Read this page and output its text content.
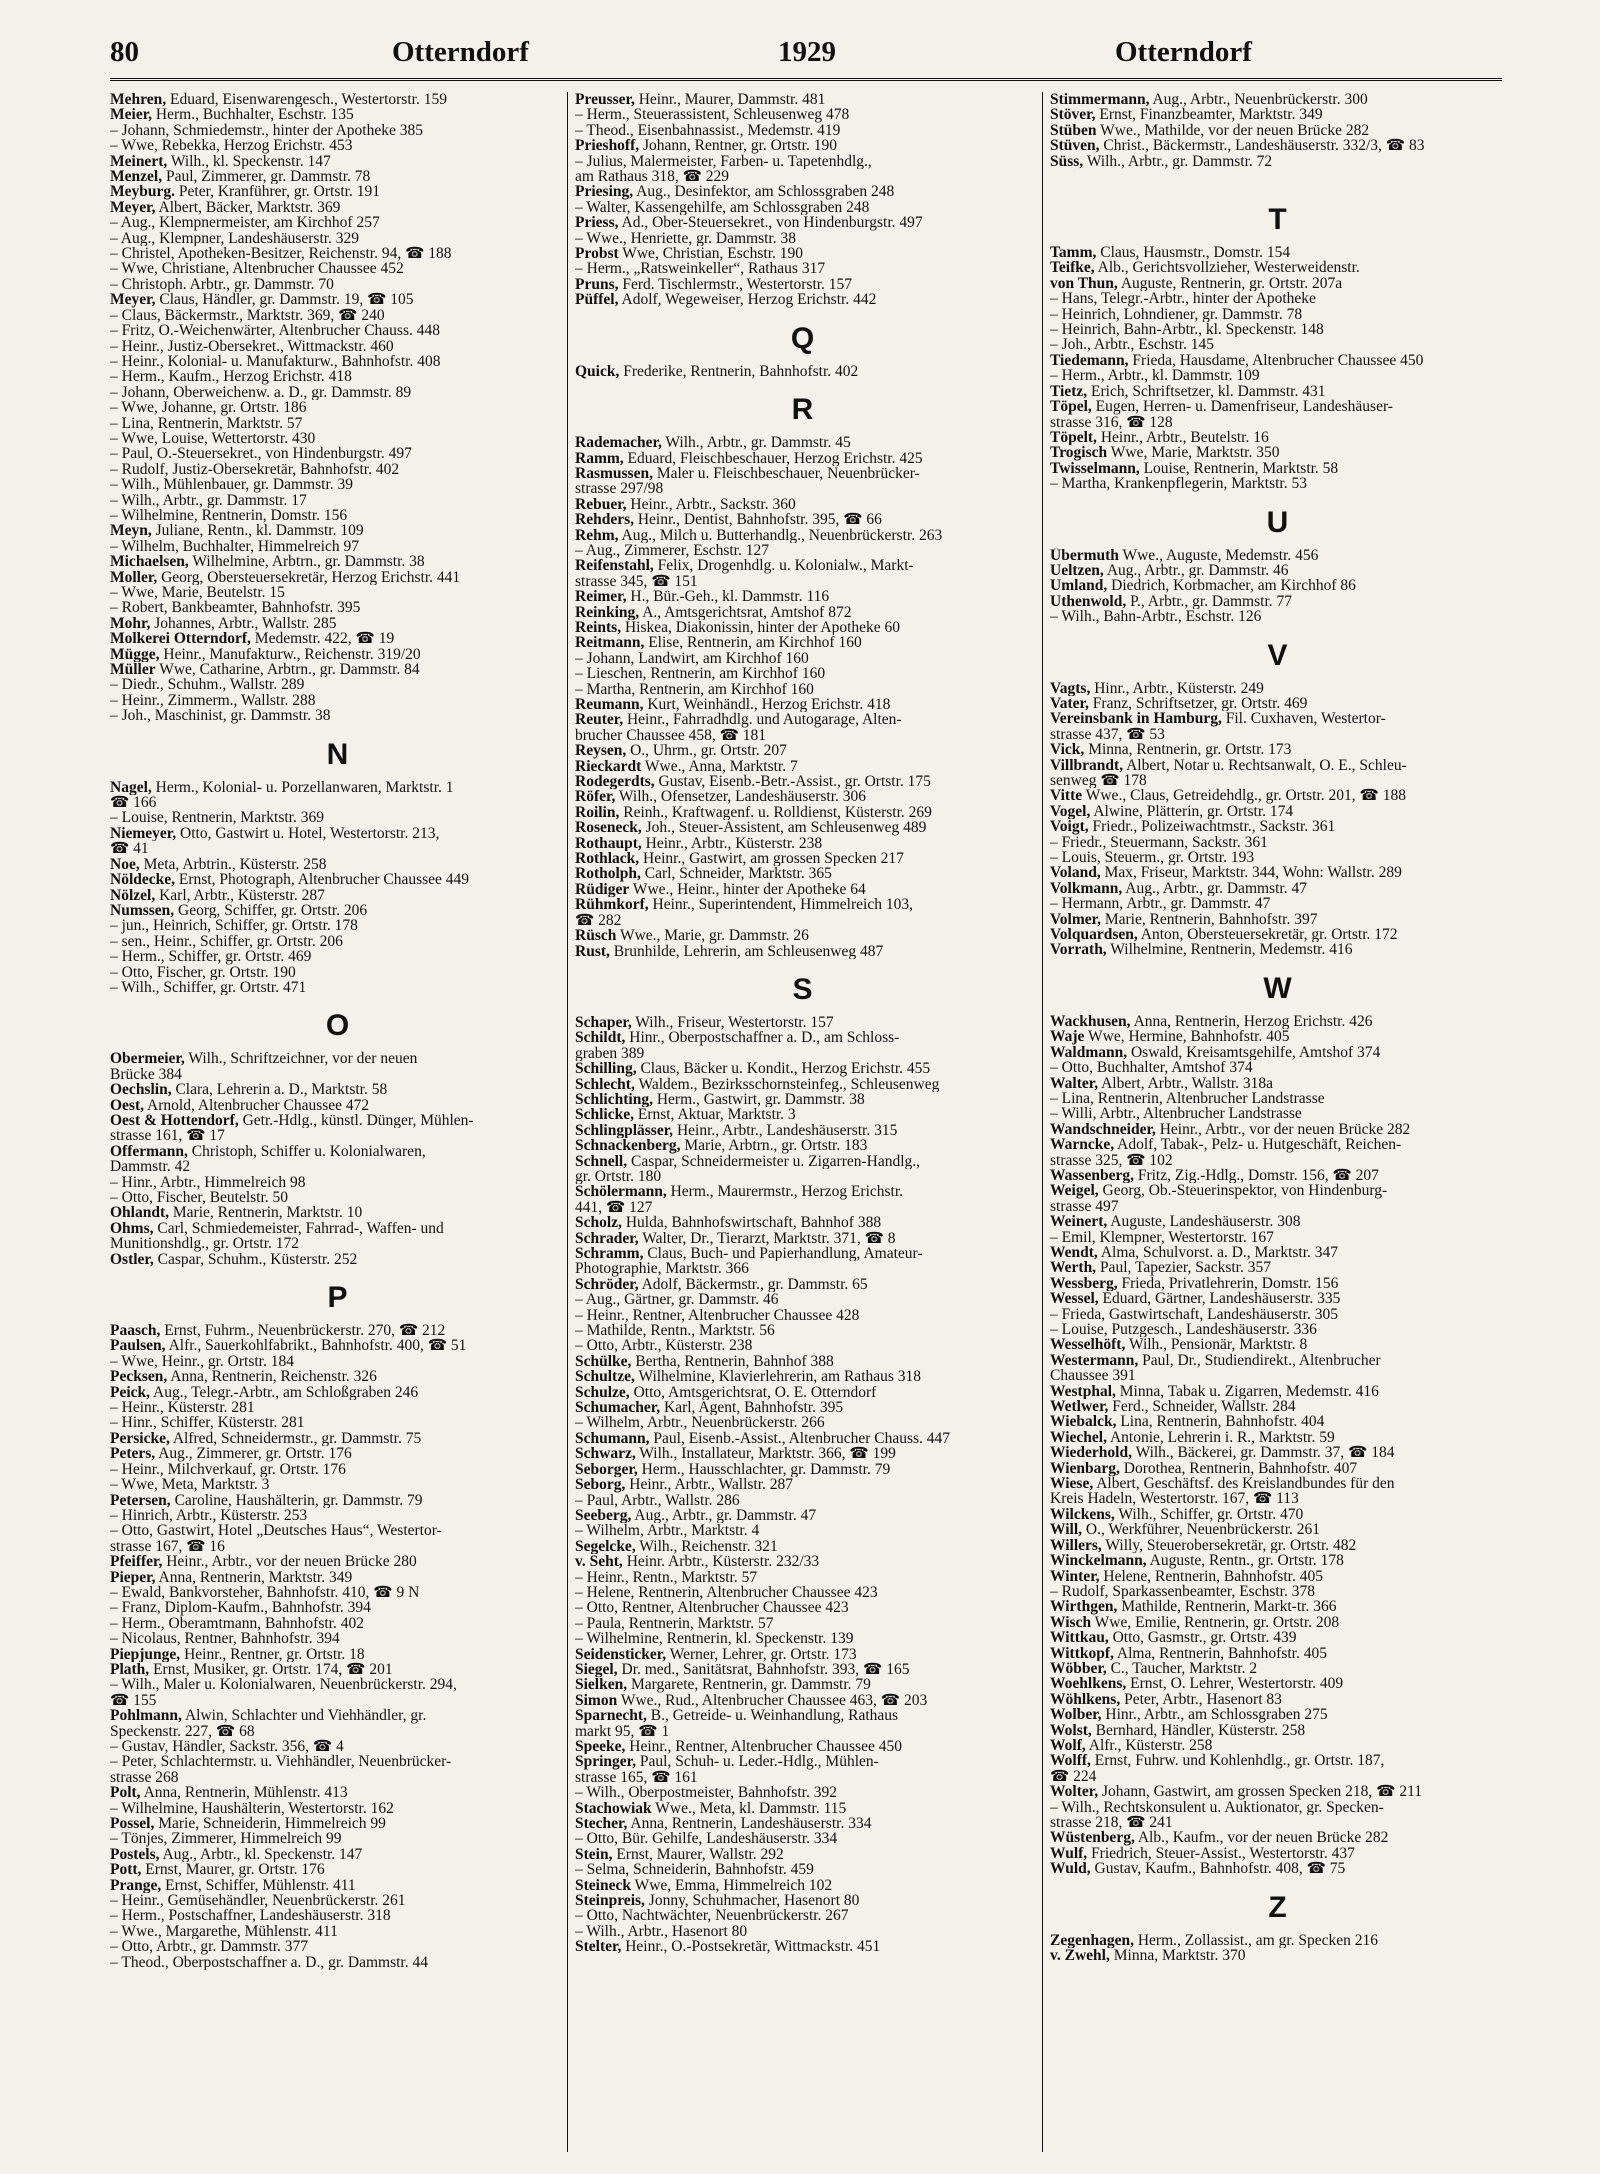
80	Otterndorf	1929	Otterndorf
Mehren, Eduard, Eisenwarengesch., Westertorstr. 159
Meier, Herm., Buchhalter, Eschstr. 135
– Johann, Schmiedemstr., hinter der Apotheke 385
– Wwe, Rebekka, Herzog Erichstr. 453
Meinert, Wilh., kl. Speckenstr. 147
Menzel, Paul, Zimmerer, gr. Dammstr. 78
Meyburg. Peter, Kranführer, gr. Ortstr. 191
Meyer, Albert, Bäcker, Marktstr. 369
– Aug., Klempnermeister, am Kirchhof 257
– Aug., Klempner, Landeshäuserstr. 329
– Christel, Apotheken-Besitzer, Reichenstr. 94, ☎ 188
– Wwe, Christiane, Altenbrucher Chaussee 452
– Christoph. Arbtr., gr. Dammstr. 70
Meyer, Claus, Händler, gr. Dammstr. 19, ☎ 105
– Claus, Bäckermstr., Marktstr. 369, ☎ 240
– Fritz, O.-Weichenwärter, Altenbrucher Chauss. 448
– Heinr., Justiz-Obersekret., Wittmackstr. 460
– Heinr., Kolonial- u. Manufakturw., Bahnhofstr. 408
– Herm., Kaufm., Herzog Erichstr. 418
– Johann, Oberweichenw. a. D., gr. Dammstr. 89
– Wwe, Johanne, gr. Ortstr. 186
– Lina, Rentnerin, Marktstr. 57
– Wwe, Louise, Wettertorstr. 430
– Paul, O.-Steuersekret., von Hindenburgstr. 497
– Rudolf, Justiz-Obersekretär, Bahnhofstr. 402
– Wilh., Mühlenbauer, gr. Dammstr. 39
– Wilh., Arbtr., gr. Dammstr. 17
– Wilhelmine, Rentnerin, Domstr. 156
Meyn, Juliane, Rentn., kl. Dammstr. 109
– Wilhelm, Buchhalter, Himmelreich 97
Michaelsen, Wilhelmine, Arbtrn., gr. Dammstr. 38
Moller, Georg, Obersteuersekretär, Herzog Erichstr. 441
– Wwe, Marie, Beutelstr. 15
– Robert, Bankbeamter, Bahnhofstr. 395
Mohr, Johannes, Arbtr., Wallstr. 285
Molkerei Otterndorf, Medemstr. 422, ☎ 19
Mügge, Heinr., Manufakturw., Reichenstr. 319/20
Müller Wwe, Catharine, Arbtrn., gr. Dammstr. 84
– Diedr., Schuhm., Wallstr. 289
– Heinr., Zimmerm., Wallstr. 288
– Joh., Maschinist, gr. Dammstr. 38
N
Nagel, Herm., Kolonial- u. Porzellanwaren, Marktstr. 1
☎ 166
– Louise, Rentnerin, Marktstr. 369
Niemeyer, Otto, Gastwirt u. Hotel, Westertorstr. 213,
☎ 41
Noe, Meta, Arbtrin., Küsterstr. 258
Nöldecke, Ernst, Photograph, Altenbrucher Chaussee 449
Nölzel, Karl, Arbtr., Küsterstr. 287
Numssen, Georg, Schiffer, gr. Ortstr. 206
– jun., Heinrich, Schiffer, gr. Ortstr. 178
– sen., Heinr., Schiffer, gr. Ortstr. 206
– Herm., Schiffer, gr. Ortstr. 469
– Otto, Fischer, gr. Ortstr. 190
– Wilh., Schiffer, gr. Ortstr. 471
O
Obermeier, Wilh., Schriftzeichner, vor der neuen
Brücke 384
Oechslin, Clara, Lehrerin a. D., Marktstr. 58
Oest, Arnold, Altenbrucher Chaussee 472
Oest & Hottendorf, Getr.-Hdlg., künstl. Dünger, Mühlen-
strasse 161, ☎ 17
Offermann, Christoph, Schiffer u. Kolonialwaren,
Dammstr. 42
– Hinr., Arbtr., Himmelreich 98
– Otto, Fischer, Beutelstr. 50
Ohlandt, Marie, Rentnerin, Marktstr. 10
Ohms, Carl, Schmiedemeister, Fahrrad-, Waffen- und
Munitionshdlg., gr. Ortstr. 172
Ostler, Caspar, Schuhm., Küsterstr. 252
P
Paasch, Ernst, Fuhrm., Neuenbrückerstr. 270, ☎ 212
Paulsen, Alfr., Sauerkohlfabrikt., Bahnhofstr. 400, ☎ 51
– Wwe, Heinr., gr. Ortstr. 184
Pecksen, Anna, Rentnerin, Reichenstr. 326
Peick, Aug., Telegr.-Arbtr., am Schloßgraben 246
– Heinr., Küsterstr. 281
– Hinr., Schiffer, Küsterstr. 281
Persicke, Alfred, Schneidermstr., gr. Dammstr. 75
Peters, Aug., Zimmerer, gr. Ortstr. 176
– Heinr., Milchverkauf, gr. Ortstr. 176
– Wwe, Meta, Marktstr. 3
Petersen, Caroline, Haushälterin, gr. Dammstr. 79
– Hinrich, Arbtr., Küsterstr. 253
– Otto, Gastwirt, Hotel „Deutsches Haus“, Westertor-
strasse 167, ☎ 16
Pfeiffer, Heinr., Arbtr., vor der neuen Brücke 280
Pieper, Anna, Rentnerin, Marktstr. 349
– Ewald, Bankvorsteher, Bahnhofstr. 410, ☎ 9 N
– Franz, Diplom-Kaufm., Bahnhofstr. 394
– Herm., Oberamtmann, Bahnhofstr. 402
– Nicolaus, Rentner, Bahnhofstr. 394
Piepjunge, Heinr., Rentner, gr. Ortstr. 18
Plath, Ernst, Musiker, gr. Ortstr. 174, ☎ 201
– Wilh., Maler u. Kolonialwaren, Neuenbrückerstr. 294,
☎ 155
Pohlmann, Alwin, Schlachter und Viehhändler, gr.
Speckenstr. 227, ☎ 68
– Gustav, Händler, Sackstr. 356, ☎ 4
– Peter, Schlachtermstr. u. Viehhändler, Neuenbrücker-
strasse 268
Polt, Anna, Rentnerin, Mühlenstr. 413
– Wilhelmine, Haushälterin, Westertorstr. 162
Possel, Marie, Schneiderin, Himmelreich 99
– Tönjes, Zimmerer, Himmelreich 99
Postels, Aug., Arbtr., kl. Speckenstr. 147
Pott, Ernst, Maurer, gr. Ortstr. 176
Prange, Ernst, Schiffer, Mühlenstr. 411
– Heinr., Gemüsehändler, Neuenbrückerstr. 261
– Herm., Postschaffner, Landeshäuserstr. 318
– Wwe., Margarethe, Mühlenstr. 411
– Otto, Arbtr., gr. Dammstr. 377
– Theod., Oberpostschaffner a. D., gr. Dammstr. 44
Preusser, Heinr., Maurer, Dammstr. 481
– Herm., Steuerassistent, Schleusenweg 478
– Theod., Eisenbahnassist., Medemstr. 419
Prieshoff, Johann, Rentner, gr. Ortstr. 190
– Julius, Malermeister, Farben- u. Tapetenhdlg.,
am Rathaus 318, ☎ 229
Priesing, Aug., Desinfektor, am Schlossgraben 248
– Walter, Kassengehilfe, am Schlossgraben 248
Priess, Ad., Ober-Steuersekret., von Hindenburgstr. 497
– Wwe., Henriette, gr. Dammstr. 38
Probst Wwe, Christian, Eschstr. 190
– Herm., „Ratsweinkeller“, Rathaus 317
Pruns, Ferd. Tischlermstr., Westertorstr. 157
Püffel, Adolf, Wegeweiser, Herzog Erichstr. 442
Q
Quick, Frederike, Rentnerin, Bahnhofstr. 402
R
Rademacher, Wilh., Arbtr., gr. Dammstr. 45
Ramm, Eduard, Fleischbeschauer, Herzog Erichstr. 425
Rasmussen, Maler u. Fleischbeschauer, Neuenbrücker-
strasse 297/98
Rebuer, Heinr., Arbtr., Sackstr. 360
Rehders, Heinr., Dentist, Bahnhofstr. 395, ☎ 66
Rehm, Aug., Milch u. Butterhandlg., Neuenbrückerstr. 263
– Aug., Zimmerer, Eschstr. 127
Reifenstahl, Felix, Drogenhdlg. u. Kolonialw., Markt-
strasse 345, ☎ 151
Reimer, H., Bür.-Geh., kl. Dammstr. 116
Reinking, A., Amtsgerichtsrat, Amtshof 872
Reints, Hiskea, Diakonissin, hinter der Apotheke 60
Reitmann, Elise, Rentnerin, am Kirchhof 160
– Johann, Landwirt, am Kirchhof 160
– Lieschen, Rentnerin, am Kirchhof 160
– Martha, Rentnerin, am Kirchhof 160
Reumann, Kurt, Weinhändl., Herzog Erichstr. 418
Reuter, Heinr., Fahrradhdlg. und Autogarage, Alten-
brucher Chaussee 458, ☎ 181
Reysen, O., Uhrm., gr. Ortstr. 207
Rieckardt Wwe., Anna, Marktstr. 7
Rodegerdts, Gustav, Eisenb.-Betr.-Assist., gr. Ortstr. 175
Röfer, Wilh., Ofensetzer, Landeshäuserstr. 306
Roilin, Reinh., Kraftwagenf. u. Rolldienst, Küsterstr. 269
Roseneck, Joh., Steuer-Assistent, am Schleusenweg 489
Rothaupt, Heinr., Arbtr., Küsterstr. 238
Rothlack, Heinr., Gastwirt, am grossen Specken 217
Rotholph, Carl, Schneider, Marktstr. 365
Rüdiger Wwe., Heinr., hinter der Apotheke 64
Rühmkorf, Heinr., Superintendent, Himmelreich 103,
☎ 282
Rüsch Wwe., Marie, gr. Dammstr. 26
Rust, Brunhilde, Lehrerin, am Schleusenweg 487
S
Schaper, Wilh., Friseur, Westertorstr. 157
Schildt, Hinr., Oberpostschaffner a. D., am Schloss-
graben 389
Schilling, Claus, Bäcker u. Kondit., Herzog Erichstr. 455
Schlecht, Waldem., Bezirksschornsteinfeg., Schleusenweg
Schlichting, Herm., Gastwirt, gr. Dammstr. 38
Schlicke, Ernst, Aktuar, Marktstr. 3
Schlingplässer, Heinr., Arbtr., Landeshäuserstr. 315
Schnackenberg, Marie, Arbtrn., gr. Ortstr. 183
Schnell, Caspar, Schneidermeister u. Zigarren-Handlg.,
gr. Ortstr. 180
Schölermann, Herm., Maurermstr., Herzog Erichstr.
441, ☎ 127
Scholz, Hulda, Bahnhofswirtschaft, Bahnhof 388
Schrader, Walter, Dr., Tierarzt, Marktstr. 371, ☎ 8
Schramm, Claus, Buch- und Papierhandlung, Amateur-
Photographie, Marktstr. 366
Schröder, Adolf, Bäckermstr., gr. Dammstr. 65
– Aug., Gärtner, gr. Dammstr. 46
– Heinr., Rentner, Altenbrucher Chaussee 428
– Mathilde, Rentn., Marktstr. 56
– Otto, Arbtr., Küsterstr. 238
Schülke, Bertha, Rentnerin, Bahnhof 388
Schultze, Wilhelmine, Klavierlehrerin, am Rathaus 318
Schulze, Otto, Amtsgerichtsrat, O. E. Otterndorf
Schumacher, Karl, Agent, Bahnhofstr. 395
– Wilhelm, Arbtr., Neuenbrückerstr. 266
Schumann, Paul, Eisenb.-Assist., Altenbrucher Chauss. 447
Schwarz, Wilh., Installateur, Marktstr. 366, ☎ 199
Seborger, Herm., Hausschlachter, gr. Dammstr. 79
Seborg, Heinr., Arbtr., Wallstr. 287
– Paul, Arbtr., Wallstr. 286
Seeberg, Aug., Arbtr., gr. Dammstr. 47
– Wilhelm, Arbtr., Marktstr. 4
Segelcke, Wilh., Reichenstr. 321
v. Seht, Heinr. Arbtr., Küsterstr. 232/33
– Heinr., Rentn., Marktstr. 57
– Helene, Rentnerin, Altenbrucher Chaussee 423
– Otto, Rentner, Altenbrucher Chaussee 423
– Paula, Rentnerin, Marktstr. 57
– Wilhelmine, Rentnerin, kl. Speckenstr. 139
Seidensticker, Werner, Lehrer, gr. Ortstr. 173
Siegel, Dr. med., Sanitätsrat, Bahnhofstr. 393, ☎ 165
Sielken, Margarete, Rentnerin, gr. Dammstr. 79
Simon Wwe., Rud., Altenbrucher Chaussee 463, ☎ 203
Sparnecht, B., Getreide- u. Weinhandlung, Rathaus
markt 95, ☎ 1
Speeke, Heinr., Rentner, Altenbrucher Chaussee 450
Springer, Paul, Schuh- u. Leder.-Hdlg., Mühlen-
strasse 165, ☎ 161
– Wilh., Oberpostmeister, Bahnhofstr. 392
Stachowiak Wwe., Meta, kl. Dammstr. 115
Stecher, Anna, Rentnerin, Landeshäuserstr. 334
– Otto, Bür. Gehilfe, Landeshäuserstr. 334
Stein, Ernst, Maurer, Wallstr. 292
– Selma, Schneiderin, Bahnhofstr. 459
Steineck Wwe, Emma, Himmelreich 102
Steinpreis, Jonny, Schuhmacher, Hasenort 80
– Otto, Nachtwächter, Neuenbrückerstr. 267
– Wilh., Arbtr., Hasenort 80
Stelter, Heinr., O.-Postsekretär, Wittmackstr. 451
Stimmermann, Aug., Arbtr., Neuenbrückerstr. 300
Stöver, Ernst, Finanzbeamter, Marktstr. 349
Stüben Wwe., Mathilde, vor der neuen Brücke 282
Stüven, Christ., Bäckermstr., Landeshäuserstr. 332/3, ☎ 83
Süss, Wilh., Arbtr., gr. Dammstr. 72
T
Tamm, Claus, Hausmstr., Domstr. 154
Teifke, Alb., Gerichtsvollzieher, Westerweidenstr.
von Thun, Auguste, Rentnerin, gr. Ortstr. 207a
– Hans, Telegr.-Arbtr., hinter der Apotheke
– Heinrich, Lohndiener, gr. Dammstr. 78
– Heinrich, Bahn-Arbtr., kl. Speckenstr. 148
– Joh., Arbtr., Eschstr. 145
Tiedemann, Frieda, Hausdame, Altenbrucher Chaussee 450
– Herm., Arbtr., kl. Dammstr. 109
Tietz, Erich, Schriftsetzer, kl. Dammstr. 431
Töpel, Eugen, Herren- u. Damenfriseur, Landeshäuser-
strasse 316, ☎ 128
Töpelt, Heinr., Arbtr., Beutelstr. 16
Trogisch Wwe, Marie, Marktstr. 350
Twisselmann, Louise, Rentnerin, Marktstr. 58
– Martha, Krankenpflegerin, Marktstr. 53
U
Übermuth Wwe., Auguste, Medemstr. 456
Ueltzen, Aug., Arbtr., gr. Dammstr. 46
Umland, Diedrich, Korbmacher, am Kirchhof 86
Uthenwold, P., Arbtr., gr. Dammstr. 77
– Wilh., Bahn-Arbtr., Eschstr. 126
V
Vagts, Hinr., Arbtr., Küsterstr. 249
Vater, Franz, Schriftsetzer, gr. Ortstr. 469
Vereinsbank in Hamburg, Fil. Cuxhaven, Westertor-
strasse 437, ☎ 53
Vick, Minna, Rentnerin, gr. Ortstr. 173
Villbrandt, Albert, Notar u. Rechtsanwalt, O. E., Schleu-
senweg ☎ 178
Vitte Wwe., Claus, Getreidehdlg., gr. Ortstr. 201, ☎ 188
Vogel, Alwine, Plätterin, gr. Ortstr. 174
Voigt, Friedr., Polizeiwachtmstr., Sackstr. 361
– Friedr., Steuermann, Sackstr. 361
– Louis, Steuerm., gr. Ortstr. 193
Voland, Max, Friseur, Marktstr. 344, Wohn: Wallstr. 289
Volkmann, Aug., Arbtr., gr. Dammstr. 47
– Hermann, Arbtr., gr. Dammstr. 47
Volmer, Marie, Rentnerin, Bahnhofstr. 397
Volquardsen, Anton, Obersteuersekretär, gr. Ortstr. 172
Vorrath, Wilhelmine, Rentnerin, Medemstr. 416
W
Wackhusen, Anna, Rentnerin, Herzog Erichstr. 426
Waje Wwe, Hermine, Bahnhofstr. 405
Waldmann, Oswald, Kreisamtsgehilfe, Amtshof 374
– Otto, Buchhalter, Amtshof 374
Walter, Albert, Arbtr., Wallstr. 318a
– Lina, Rentnerin, Altenbrucher Landstrasse
– Willi, Arbtr., Altenbrucher Landstrasse
Wandschneider, Heinr., Arbtr., vor der neuen Brücke 282
Warncke, Adolf, Tabak-, Pelz- u. Hutgeschäft, Reichen-
strasse 325, ☎ 102
Wassenberg, Fritz, Zig.-Hdlg., Domstr. 156, ☎ 207
Weigel, Georg, Ob.-Steuerinspektor, von Hindenburg-
strasse 497
Weinert, Auguste, Landeshäuserstr. 308
– Emil, Klempner, Westertorstr. 167
Wendt, Alma, Schulvorst. a. D., Marktstr. 347
Werth, Paul, Tapezier, Sackstr. 357
Wessberg, Frieda, Privatlehrerin, Domstr. 156
Wessel, Eduard, Gärtner, Landeshäuserstr. 335
– Frieda, Gastwirtschaft, Landeshäuserstr. 305
– Louise, Putzgesch., Landeshäuserstr. 336
Wesselhöft, Wilh., Pensionär, Marktstr. 8
Westermann, Paul, Dr., Studiendirekt., Altenbrucher
Chaussee 391
Westphal, Minna, Tabak u. Zigarren, Medemstr. 416
Wetlwer, Ferd., Schneider, Wallstr. 284
Wiebalck, Lina, Rentnerin, Bahnhofstr. 404
Wiechel, Antonie, Lehrerin i. R., Marktstr. 59
Wiederhold, Wilh., Bäckerei, gr. Dammstr. 37, ☎ 184
Wienbarg, Dorothea, Rentnerin, Bahnhofstr. 407
Wiese, Albert, Geschäftsf. des Kreislandbundes für den
Kreis Hadeln, Westertorstr. 167, ☎ 113
Wilckens, Wilh., Schiffer, gr. Ortstr. 470
Will, O., Werkführer, Neuenbrückerstr. 261
Willers, Willy, Steuerobersekretär, gr. Ortstr. 482
Winckelmann, Auguste, Rentn., gr. Ortstr. 178
Winter, Helene, Rentnerin, Bahnhofstr. 405
– Rudolf, Sparkassenbeamter, Eschstr. 378
Wirthgen, Mathilde, Rentnerin, Markt-tr. 366
Wisch Wwe, Emilie, Rentnerin, gr. Ortstr. 208
Wittkau, Otto, Gasmstr., gr. Ortstr. 439
Wittkopf, Alma, Rentnerin, Bahnhofstr. 405
Wöbber, C., Taucher, Marktstr. 2
Woehlkens, Ernst, O. Lehrer, Westertorstr. 409
Wöhlkens, Peter, Arbtr., Hasenort 83
Wolber, Hinr., Arbtr., am Schlossgraben 275
Wolst, Bernhard, Händler, Küsterstr. 258
Wolf, Alfr., Küsterstr. 258
Wolff, Ernst, Fuhrw. und Kohlenhdlg., gr. Ortstr. 187,
☎ 224
Wolter, Johann, Gastwirt, am grossen Specken 218, ☎ 211
– Wilh., Rechtskonsulent u. Auktionator, gr. Specken-
strasse 218, ☎ 241
Wüstenberg, Alb., Kaufm., vor der neuen Brücke 282
Wulf, Friedrich, Steuer-Assist., Westertorstr. 437
Wuld, Gustav, Kaufm., Bahnhofstr. 408, ☎ 75
Z
Zegenhagen, Herm., Zollassist., am gr. Specken 216
v. Zwehl, Minna, Marktstr. 370
